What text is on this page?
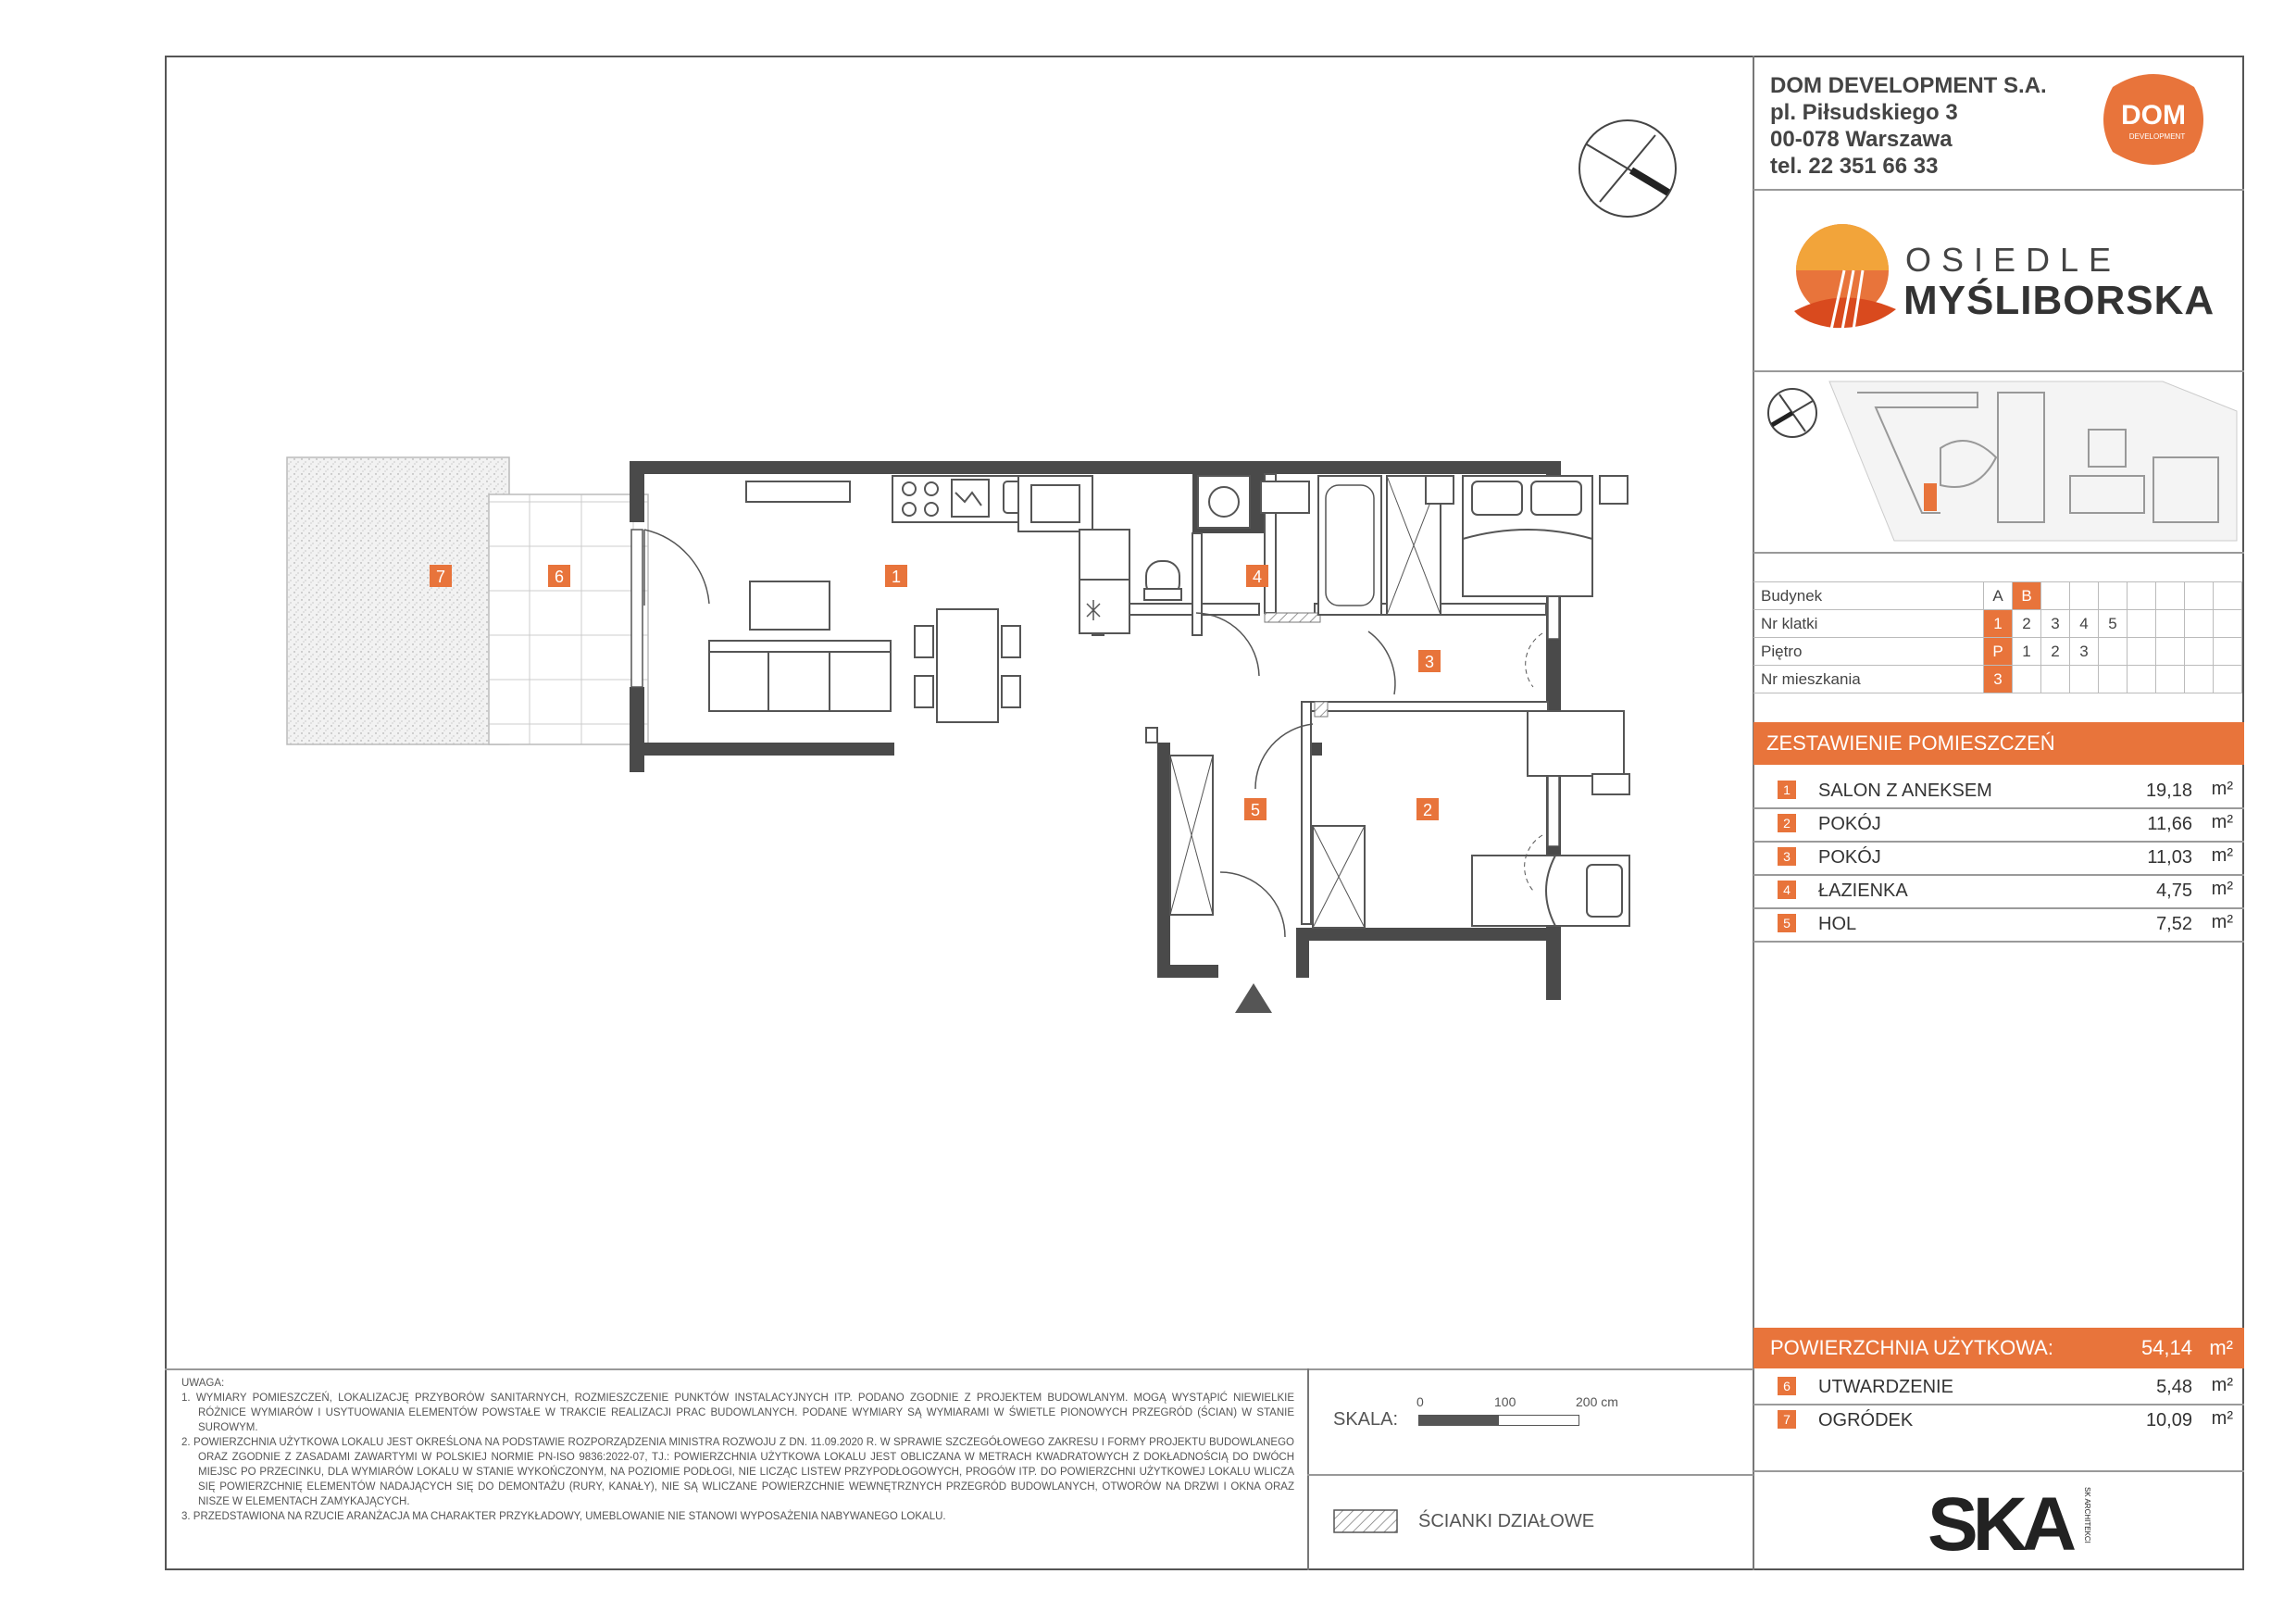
7	6	1	4
3
2
5
DOM DEVELOPMENT S.A.
pl. Piłsudskiego 3
00-078 Warszawa
tel. 22 351 66 33
DOM
DEVELOPMENT
OSIEDLE
MYŚLIBORSKA
Budynek	A	B							
Nr klatki	1	2	3	4	5				
Piętro	P	1	2	3					
Nr mieszkania	3								
ZESTAWIENIE POMIESZCZEŃ
1	SALON Z ANEKSEM	19,18 m²
2	POKÓJ	11,66 m²
3	POKÓJ	11,03 m²
4	ŁAZIENKA	4,75 m²
5	HOL	7,52 m²
POWIERZCHNIA UŻYTKOWA:	54,14 m²
6	UTWARDZENIE	5,48 m²
7	OGRÓDEK	10,09 m²

UWAGA:

1. WYMIARY POMIESZCZEŃ, LOKALIZACJĘ PRZYBORÓW SANITARNYCH, ROZMIESZCZENIE PUNKTÓW INSTALACYJNYCH ITP. PODANO ZGODNIE Z PROJEKTEM BUDOWLANYM. MOGĄ WYSTĄPIĆ NIEWIELKIE RÓŻNICE WYMIARÓW I USYTUOWANIA ELEMENTÓW POWSTAŁE W TRAKCIE REALIZACJI PRAC BUDOWLANYCH. PODANE WYMIARY SĄ WYMIARAMI W ŚWIETLE PIONOWYCH PRZEGRÓD (ŚCIAN) W STANIE SUROWYM.

2. POWIERZCHNIA UŻYTKOWA LOKALU JEST OKREŚLONA NA PODSTAWIE ROZPORZĄDZENIA MINISTRA ROZWOJU Z DN. 11.09.2020 R. W SPRAWIE SZCZEGÓŁOWEGO ZAKRESU I FORMY PROJEKTU BUDOWLANEGO ORAZ ZGODNIE Z ZASADAMI ZAWARTYMI W POLSKIEJ NORMIE PN-ISO 9836:2022-07, TJ.: POWIERZCHNIA UŻYTKOWA LOKALU JEST OBLICZANA W METRACH KWADRATOWYCH Z DOKŁADNOŚCIĄ DO DWÓCH MIEJSC PO PRZECINKU, DLA WYMIARÓW LOKALU W STANIE WYKOŃCZONYM, NA POZIOMIE PODŁOGI, NIE LICZĄC LISTEW PRZYPODŁOGOWYCH, PROGÓW ITP. DO POWIERZCHNI UŻYTKOWEJ LOKALU WLICZA SIĘ POWIERZCHNIĘ ELEMENTÓW NADAJĄCYCH SIĘ DO DEMONTAŻU (RURY, KANAŁY), NIE SĄ WLICZANE POWIERZCHNIE WEWNĘTRZNYCH PRZEGRÓD BUDOWLANYCH, OTWORÓW NA DRZWI I OKNA ORAZ NISZE W ELEMENTACH ZAMYKAJĄCYCH.

3. PRZEDSTAWIONA NA RZUCIE ARANŻACJA MA CHARAKTER PRZYKŁADOWY, UMEBLOWANIE NIE STANOWI WYPOSAŻENIA NABYWANEGO LOKALU.

SKALA:
0	100	200 cm
ŚCIANKI DZIAŁOWE	SKA	SK ARCHITEKCI
